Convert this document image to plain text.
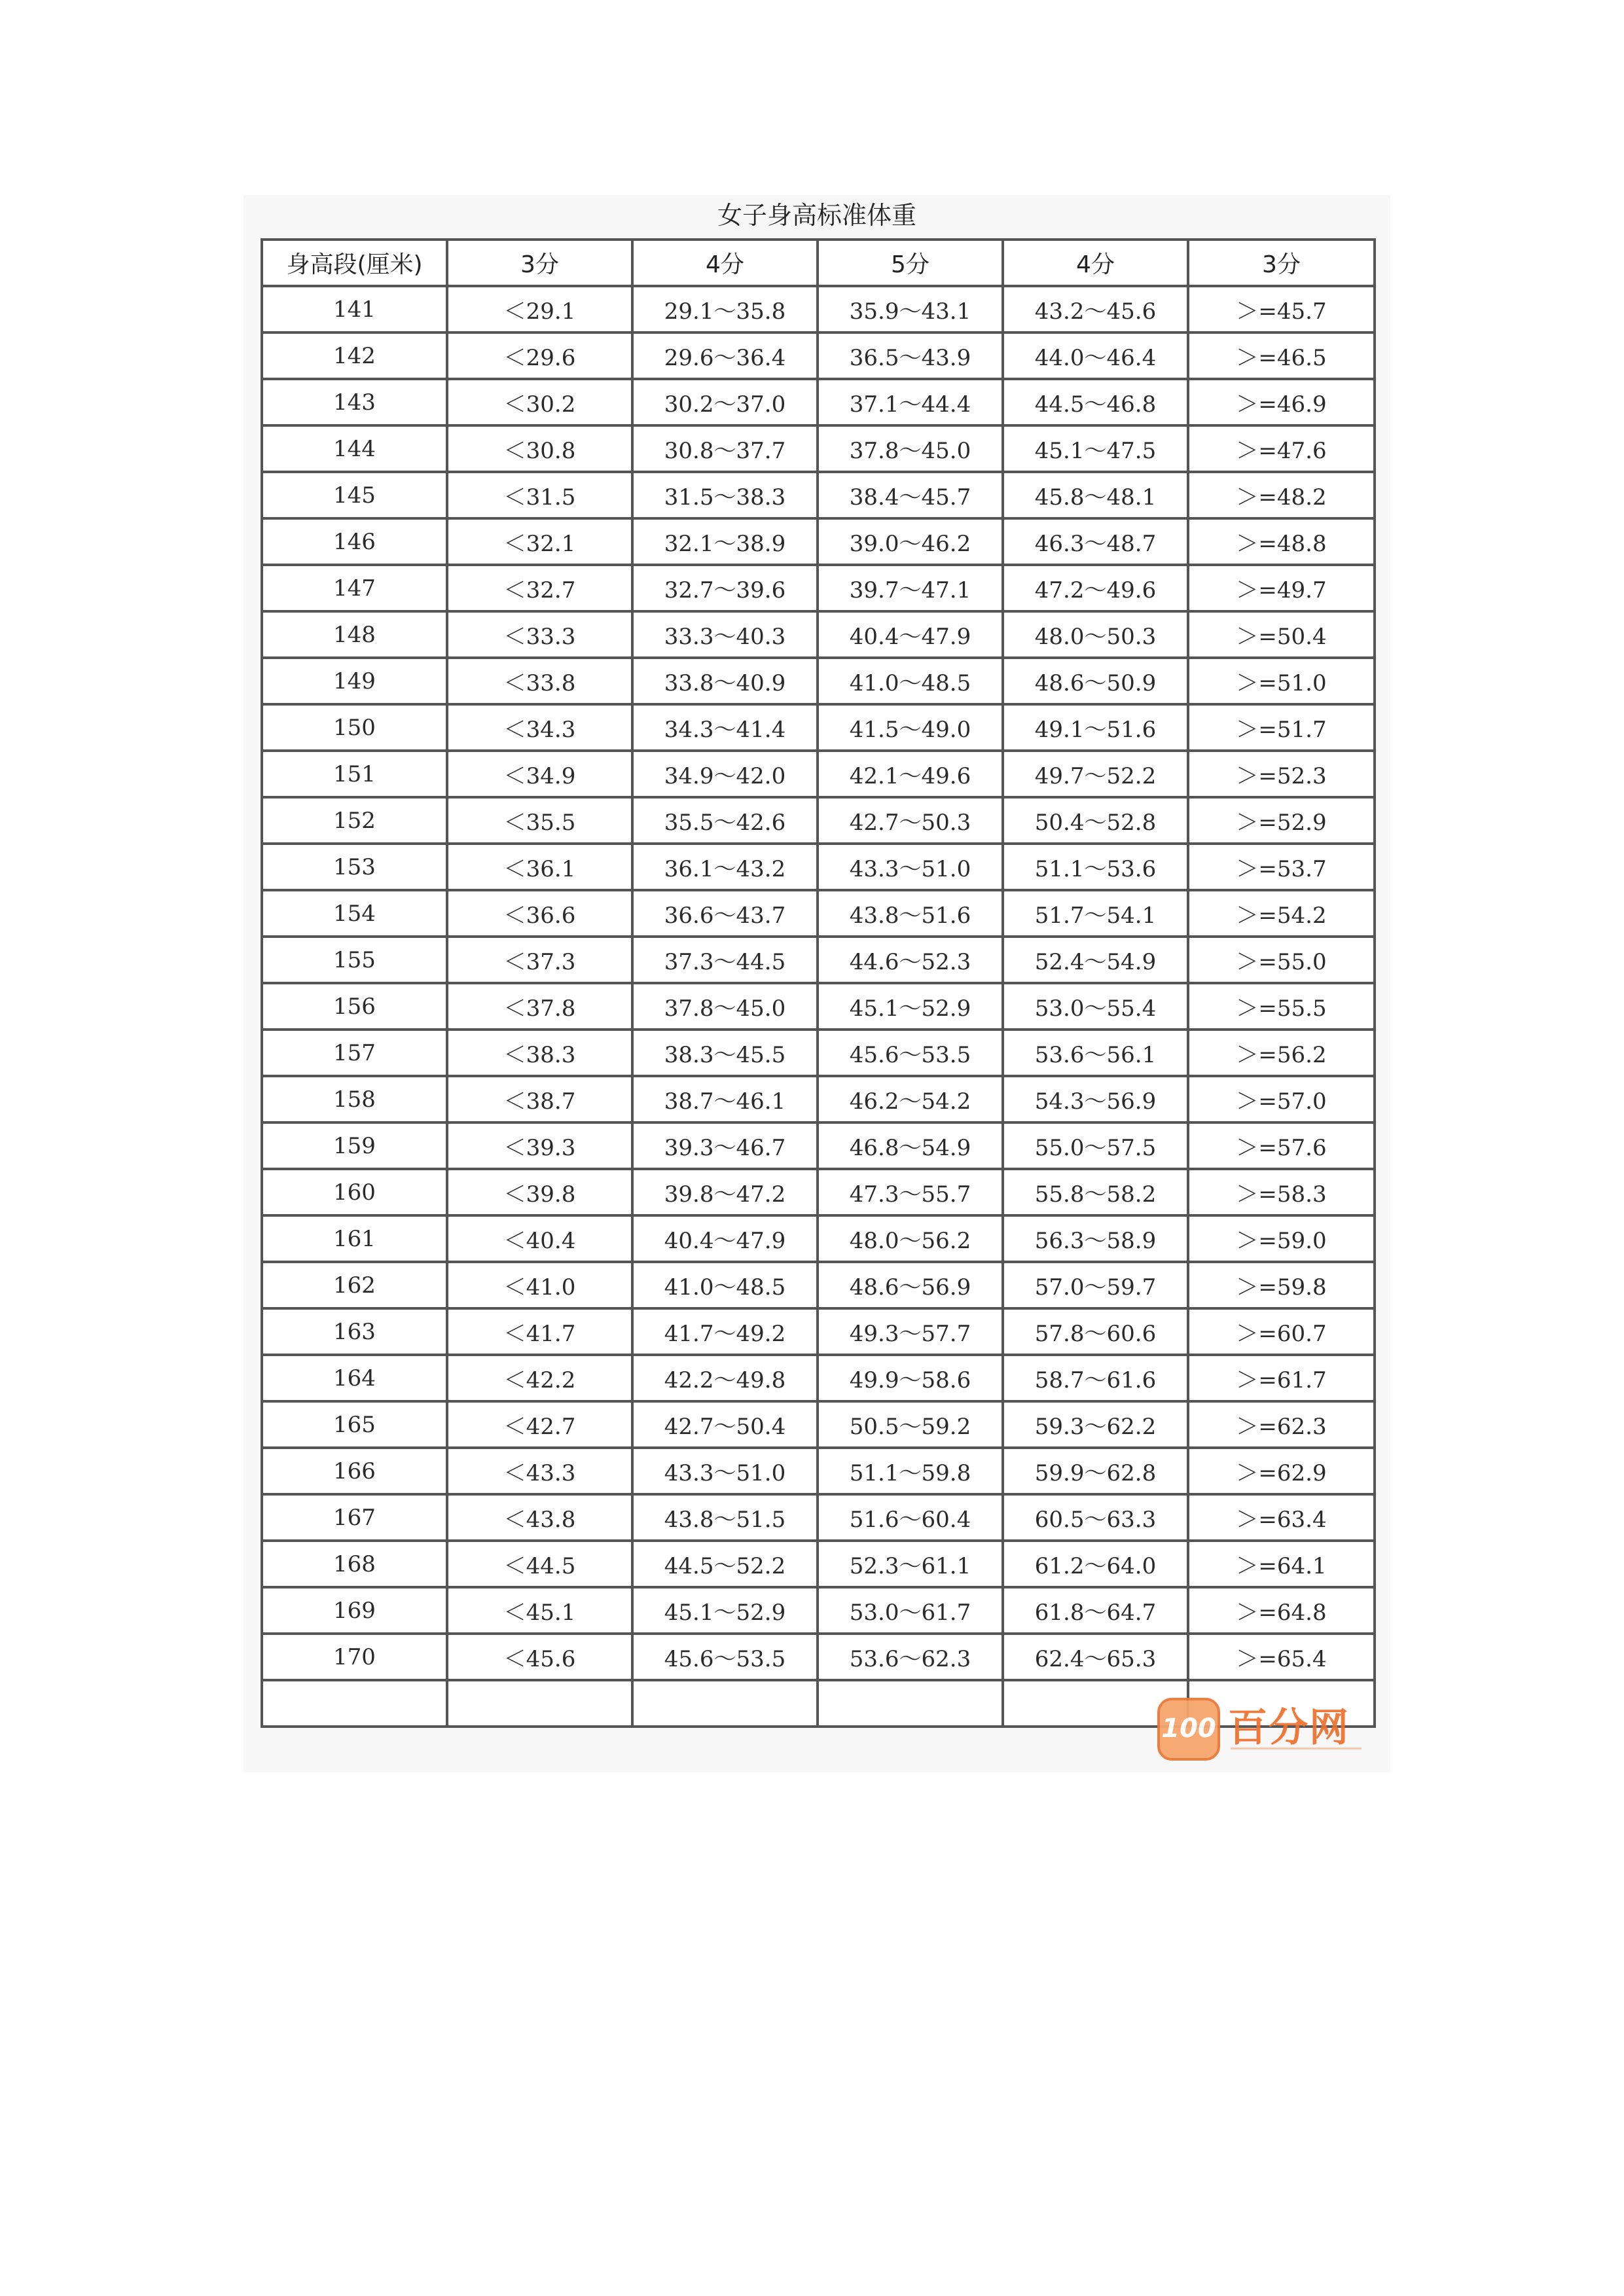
女子身高标准体重
身高段(厘米)	3分	4分	5分	4分	3分
141	＜29.1	29.1～35.8	35.9～43.1	43.2～45.6	＞=45.7
142	＜29.6	29.6～36.4	36.5～43.9	44.0～46.4	＞=46.5
143	＜30.2	30.2～37.0	37.1～44.4	44.5～46.8	＞=46.9
144	＜30.8	30.8～37.7	37.8～45.0	45.1～47.5	＞=47.6
145	＜31.5	31.5～38.3	38.4～45.7	45.8～48.1	＞=48.2
146	＜32.1	32.1～38.9	39.0～46.2	46.3～48.7	＞=48.8
147	＜32.7	32.7～39.6	39.7～47.1	47.2～49.6	＞=49.7
148	＜33.3	33.3～40.3	40.4～47.9	48.0～50.3	＞=50.4
149	＜33.8	33.8～40.9	41.0～48.5	48.6～50.9	＞=51.0
150	＜34.3	34.3～41.4	41.5～49.0	49.1～51.6	＞=51.7
151	＜34.9	34.9～42.0	42.1～49.6	49.7～52.2	＞=52.3
152	＜35.5	35.5～42.6	42.7～50.3	50.4～52.8	＞=52.9
153	＜36.1	36.1～43.2	43.3～51.0	51.1～53.6	＞=53.7
154	＜36.6	36.6～43.7	43.8～51.6	51.7～54.1	＞=54.2
155	＜37.3	37.3～44.5	44.6～52.3	52.4～54.9	＞=55.0
156	＜37.8	37.8～45.0	45.1～52.9	53.0～55.4	＞=55.5
157	＜38.3	38.3～45.5	45.6～53.5	53.6～56.1	＞=56.2
158	＜38.7	38.7～46.1	46.2～54.2	54.3～56.9	＞=57.0
159	＜39.3	39.3～46.7	46.8～54.9	55.0～57.5	＞=57.6
160	＜39.8	39.8～47.2	47.3～55.7	55.8～58.2	＞=58.3
161	＜40.4	40.4～47.9	48.0～56.2	56.3～58.9	＞=59.0
162	＜41.0	41.0～48.5	48.6～56.9	57.0～59.7	＞=59.8
163	＜41.7	41.7～49.2	49.3～57.7	57.8～60.6	＞=60.7
164	＜42.2	42.2～49.8	49.9～58.6	58.7～61.6	＞=61.7
165	＜42.7	42.7～50.4	50.5～59.2	59.3～62.2	＞=62.3
166	＜43.3	43.3～51.0	51.1～59.8	59.9～62.8	＞=62.9
167	＜43.8	43.8～51.5	51.6～60.4	60.5～63.3	＞=63.4
168	＜44.5	44.5～52.2	52.3～61.1	61.2～64.0	＞=64.1
169	＜45.1	45.1～52.9	53.0～61.7	61.8～64.7	＞=64.8
170	＜45.6	45.6～53.5	53.6～62.3	62.4～65.3	＞=65.4

100 百分网
